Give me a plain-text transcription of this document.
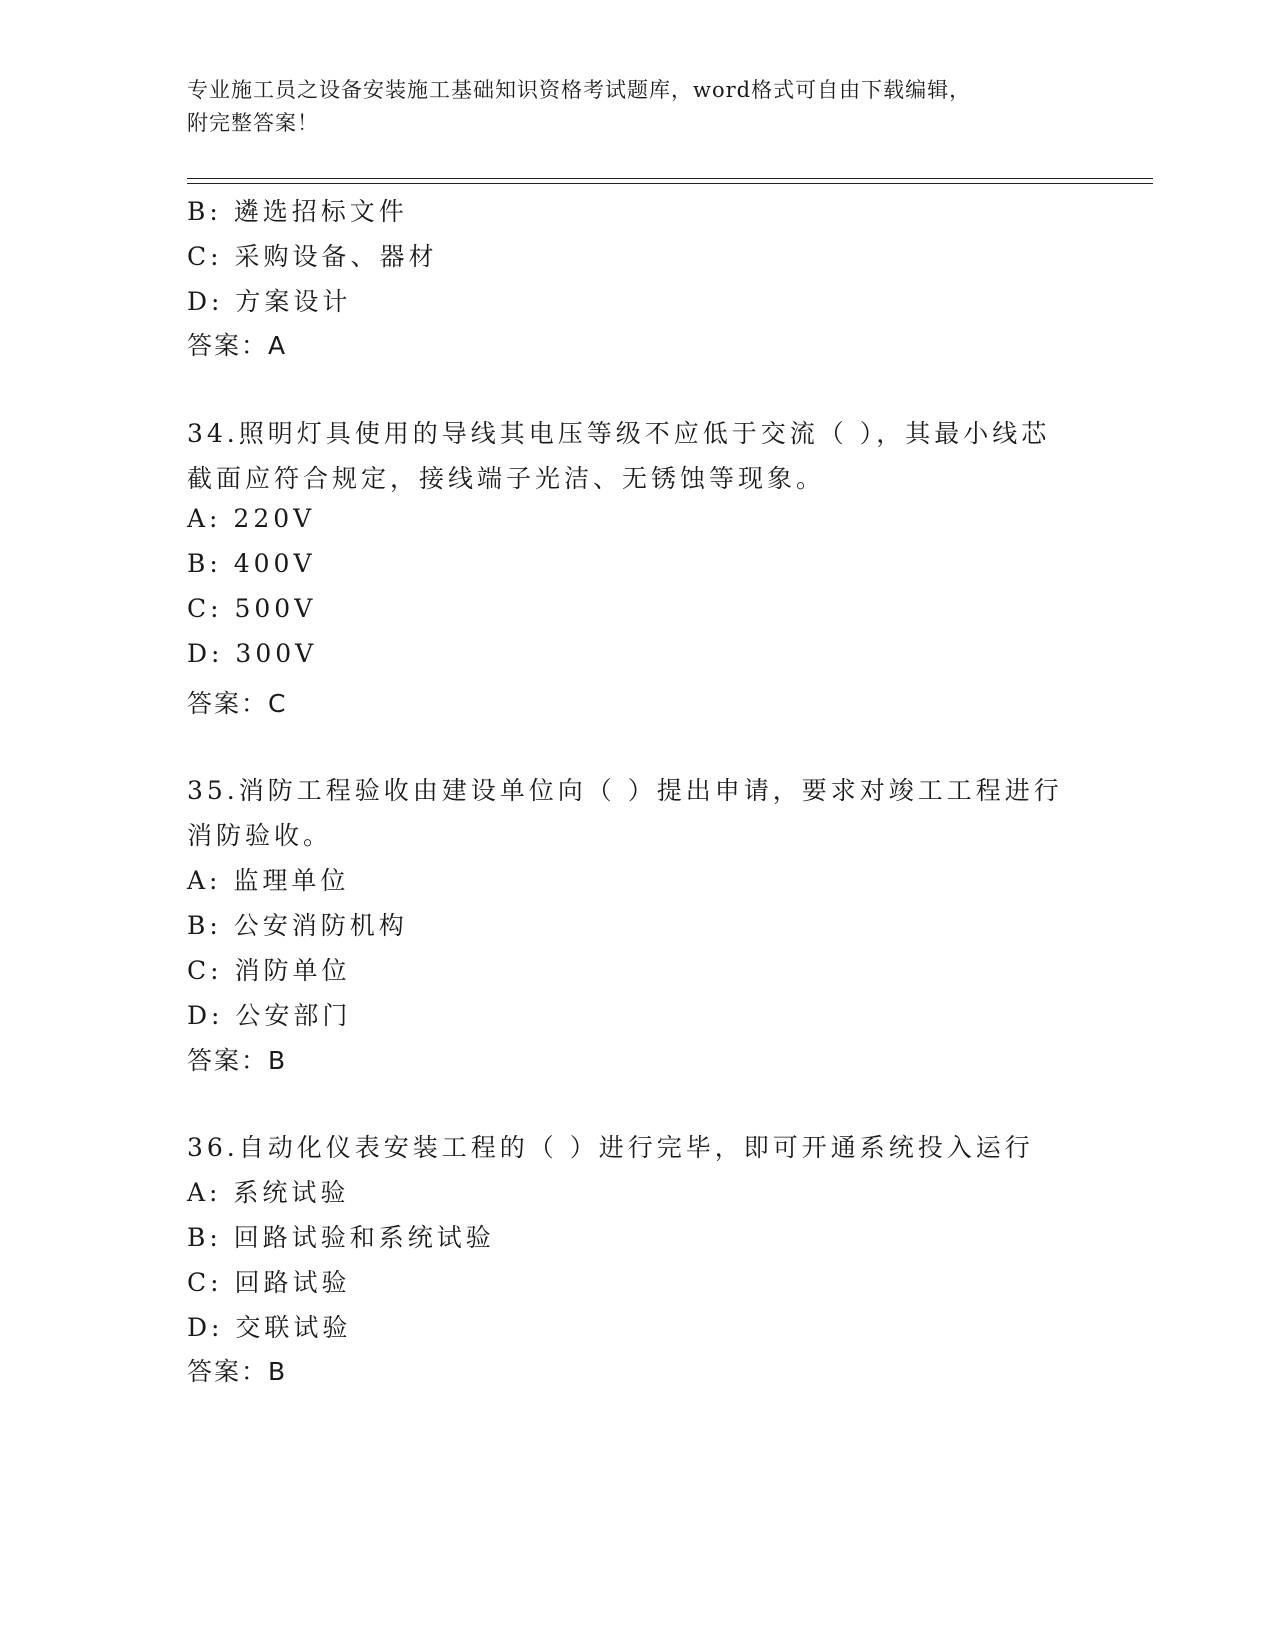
专业施工员之设备安装施工基础知识资格考试题库，word格式可自由下载编辑，
附完整答案！
B: 遴选招标文件
C: 采购设备、器材
D: 方案设计
答案：A
34.照明灯具使用的导线其电压等级不应低于交流（ ），其最小线芯
截面应符合规定，接线端子光洁、无锈蚀等现象。
A: 220V
B: 400V
C: 500V
D: 300V
答案：C
35.消防工程验收由建设单位向（ ）提出申请，要求对竣工工程进行
消防验收。
A: 监理单位
B: 公安消防机构
C: 消防单位
D: 公安部门
答案：B
36.自动化仪表安装工程的（ ）进行完毕，即可开通系统投入运行
A: 系统试验
B: 回路试验和系统试验
C: 回路试验
D: 交联试验
答案：B
